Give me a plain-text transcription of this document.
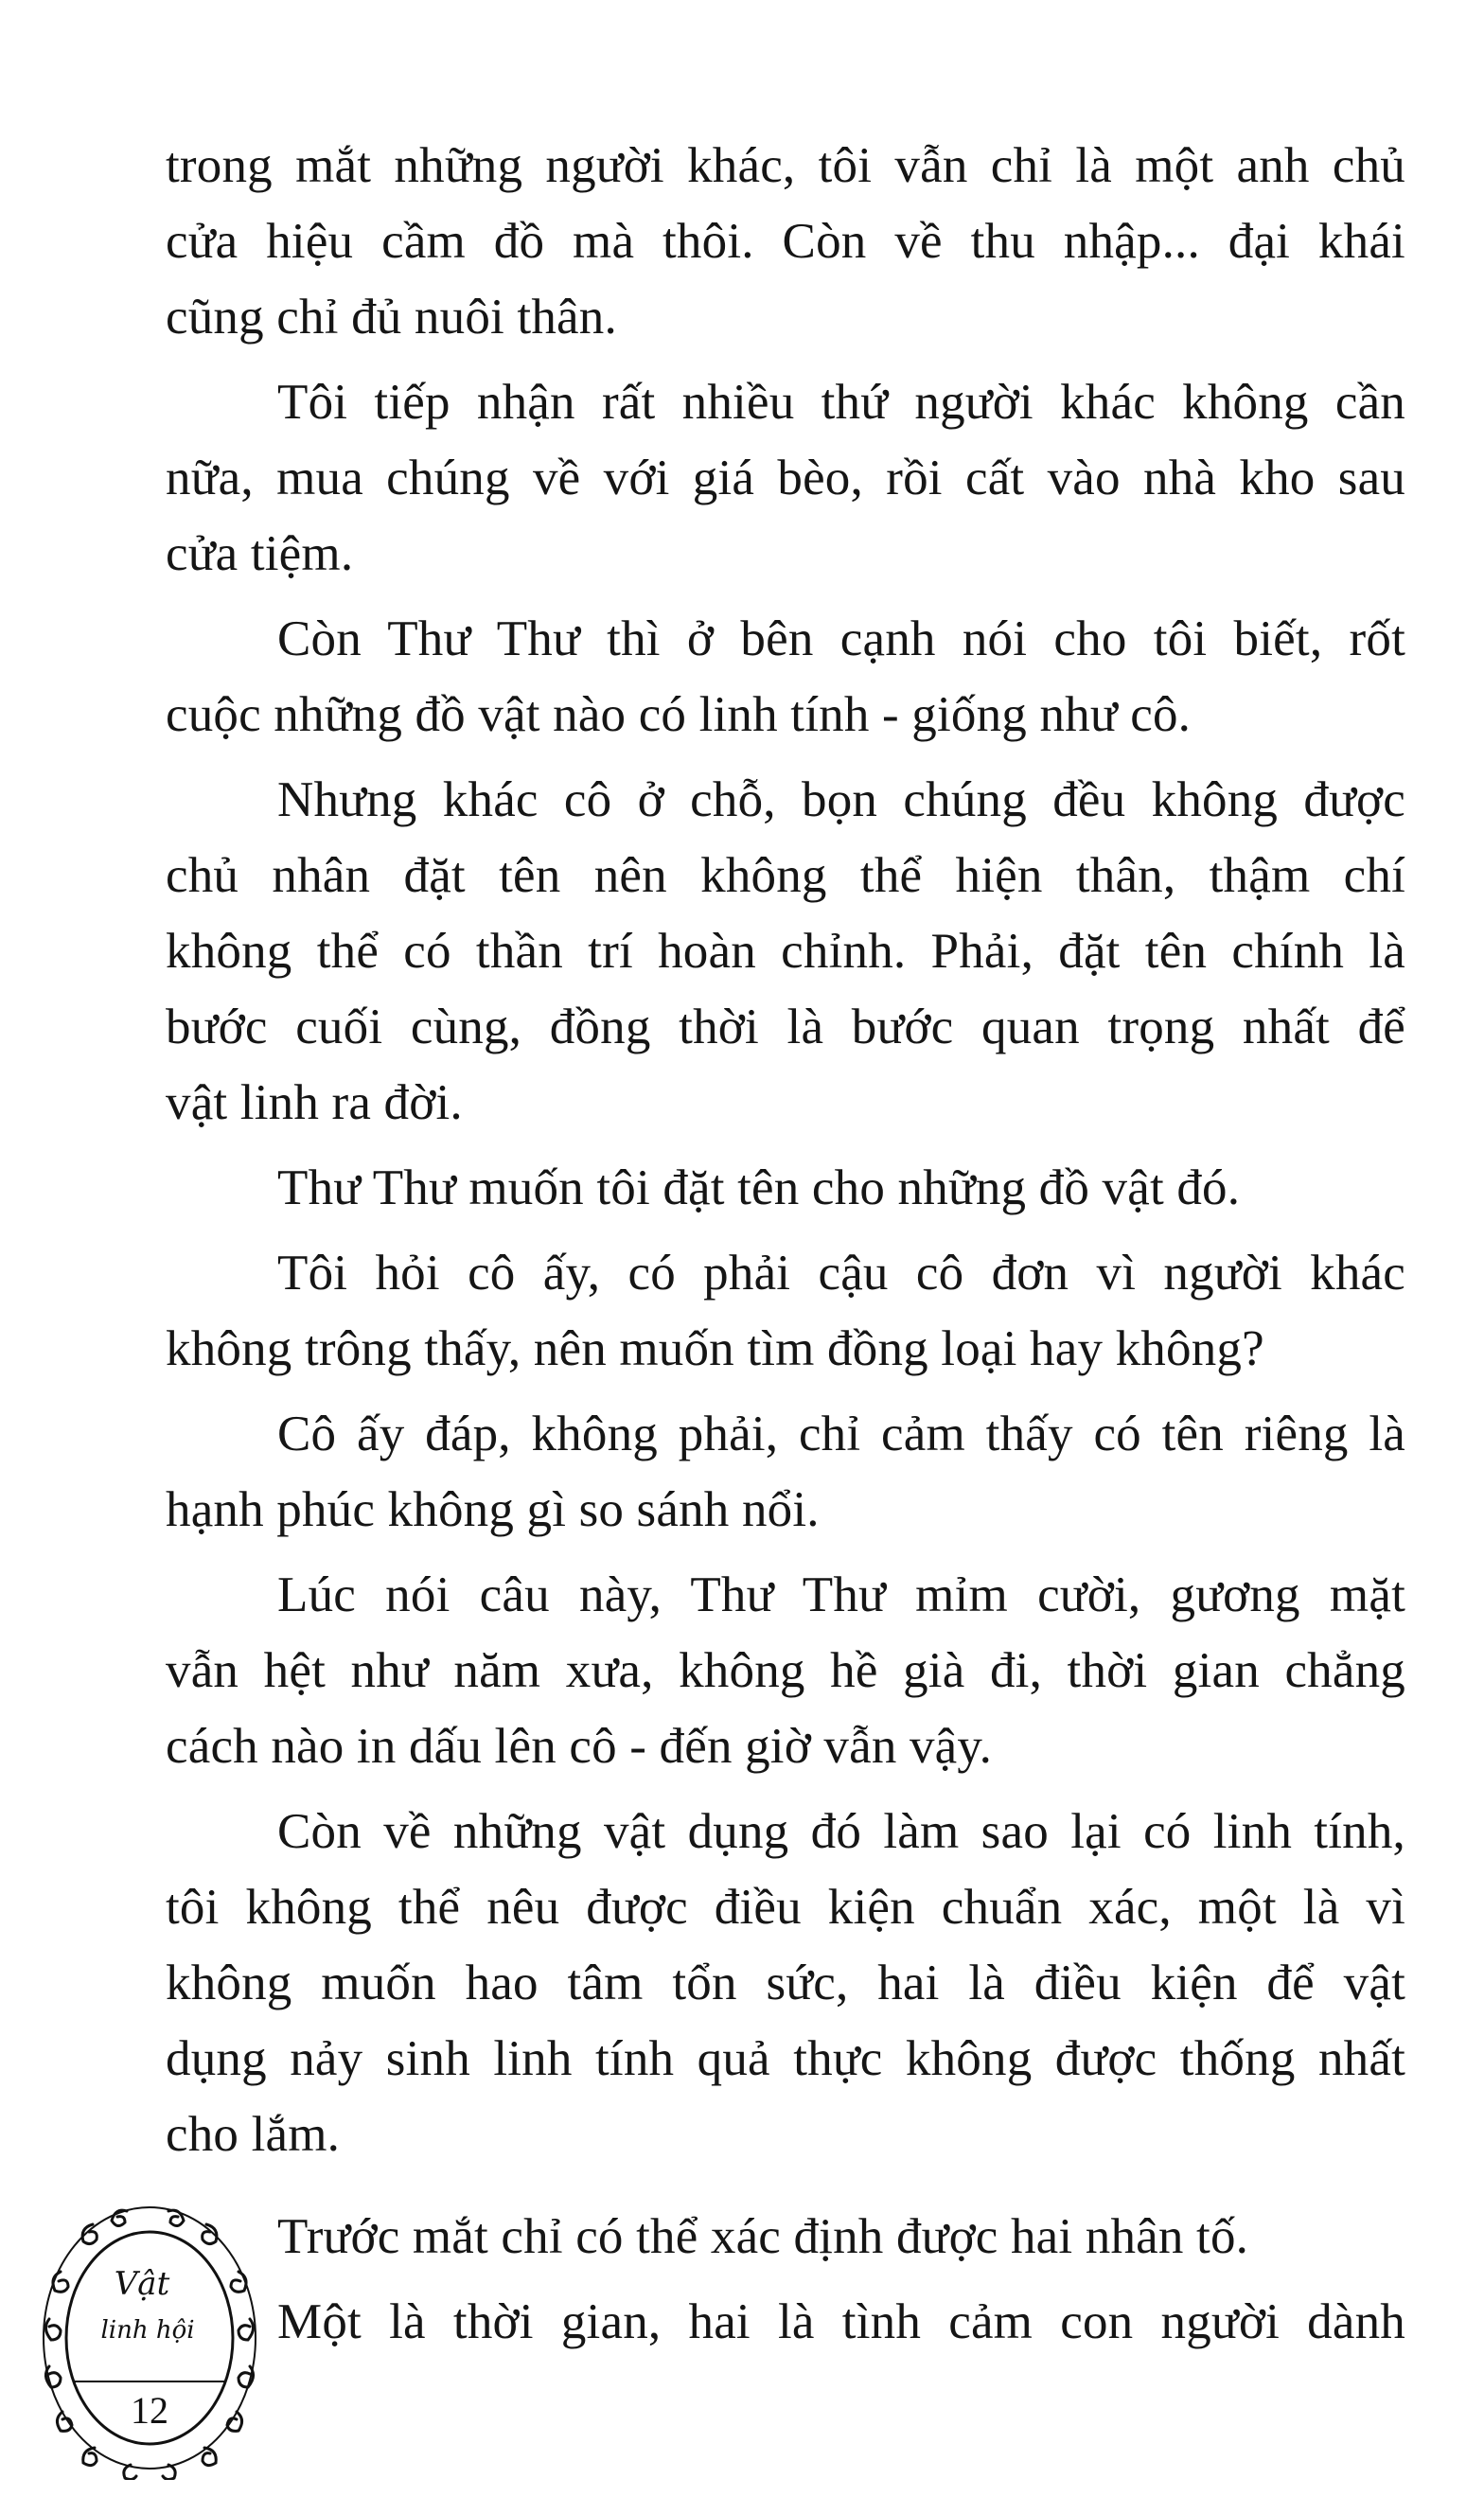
trong mắt những người khác, tôi vẫn chỉ là một anh chủ
cửa hiệu cầm đồ mà thôi. Còn về thu nhập... đại khái
cũng chỉ đủ nuôi thân.
Tôi tiếp nhận rất nhiều thứ người khác không cần
nữa, mua chúng về với giá bèo, rồi cất vào nhà kho sau
cửa tiệm.
Còn Thư Thư thì ở bên cạnh nói cho tôi biết, rốt
cuộc những đồ vật nào có linh tính - giống như cô.
Nhưng khác cô ở chỗ, bọn chúng đều không được
chủ nhân đặt tên nên không thể hiện thân, thậm chí
không thể có thần trí hoàn chỉnh. Phải, đặt tên chính là
bước cuối cùng, đồng thời là bước quan trọng nhất để
vật linh ra đời.
Thư Thư muốn tôi đặt tên cho những đồ vật đó.
Tôi hỏi cô ấy, có phải cậu cô đơn vì người khác
không trông thấy, nên muốn tìm đồng loại hay không?
Cô ấy đáp, không phải, chỉ cảm thấy có tên riêng là
hạnh phúc không gì so sánh nổi.
Lúc nói câu này, Thư Thư mỉm cười, gương mặt
vẫn hệt như năm xưa, không hề già đi, thời gian chẳng
cách nào in dấu lên cô - đến giờ vẫn vậy.
Còn về những vật dụng đó làm sao lại có linh tính,
tôi không thể nêu được điều kiện chuẩn xác, một là vì
không muốn hao tâm tổn sức, hai là điều kiện để vật
dụng nảy sinh linh tính quả thực không được thống nhất
cho lắm.
Trước mắt chỉ có thể xác định được hai nhân tố.
Một là thời gian, hai là tình cảm con người dành
Vật
linh hội
12
